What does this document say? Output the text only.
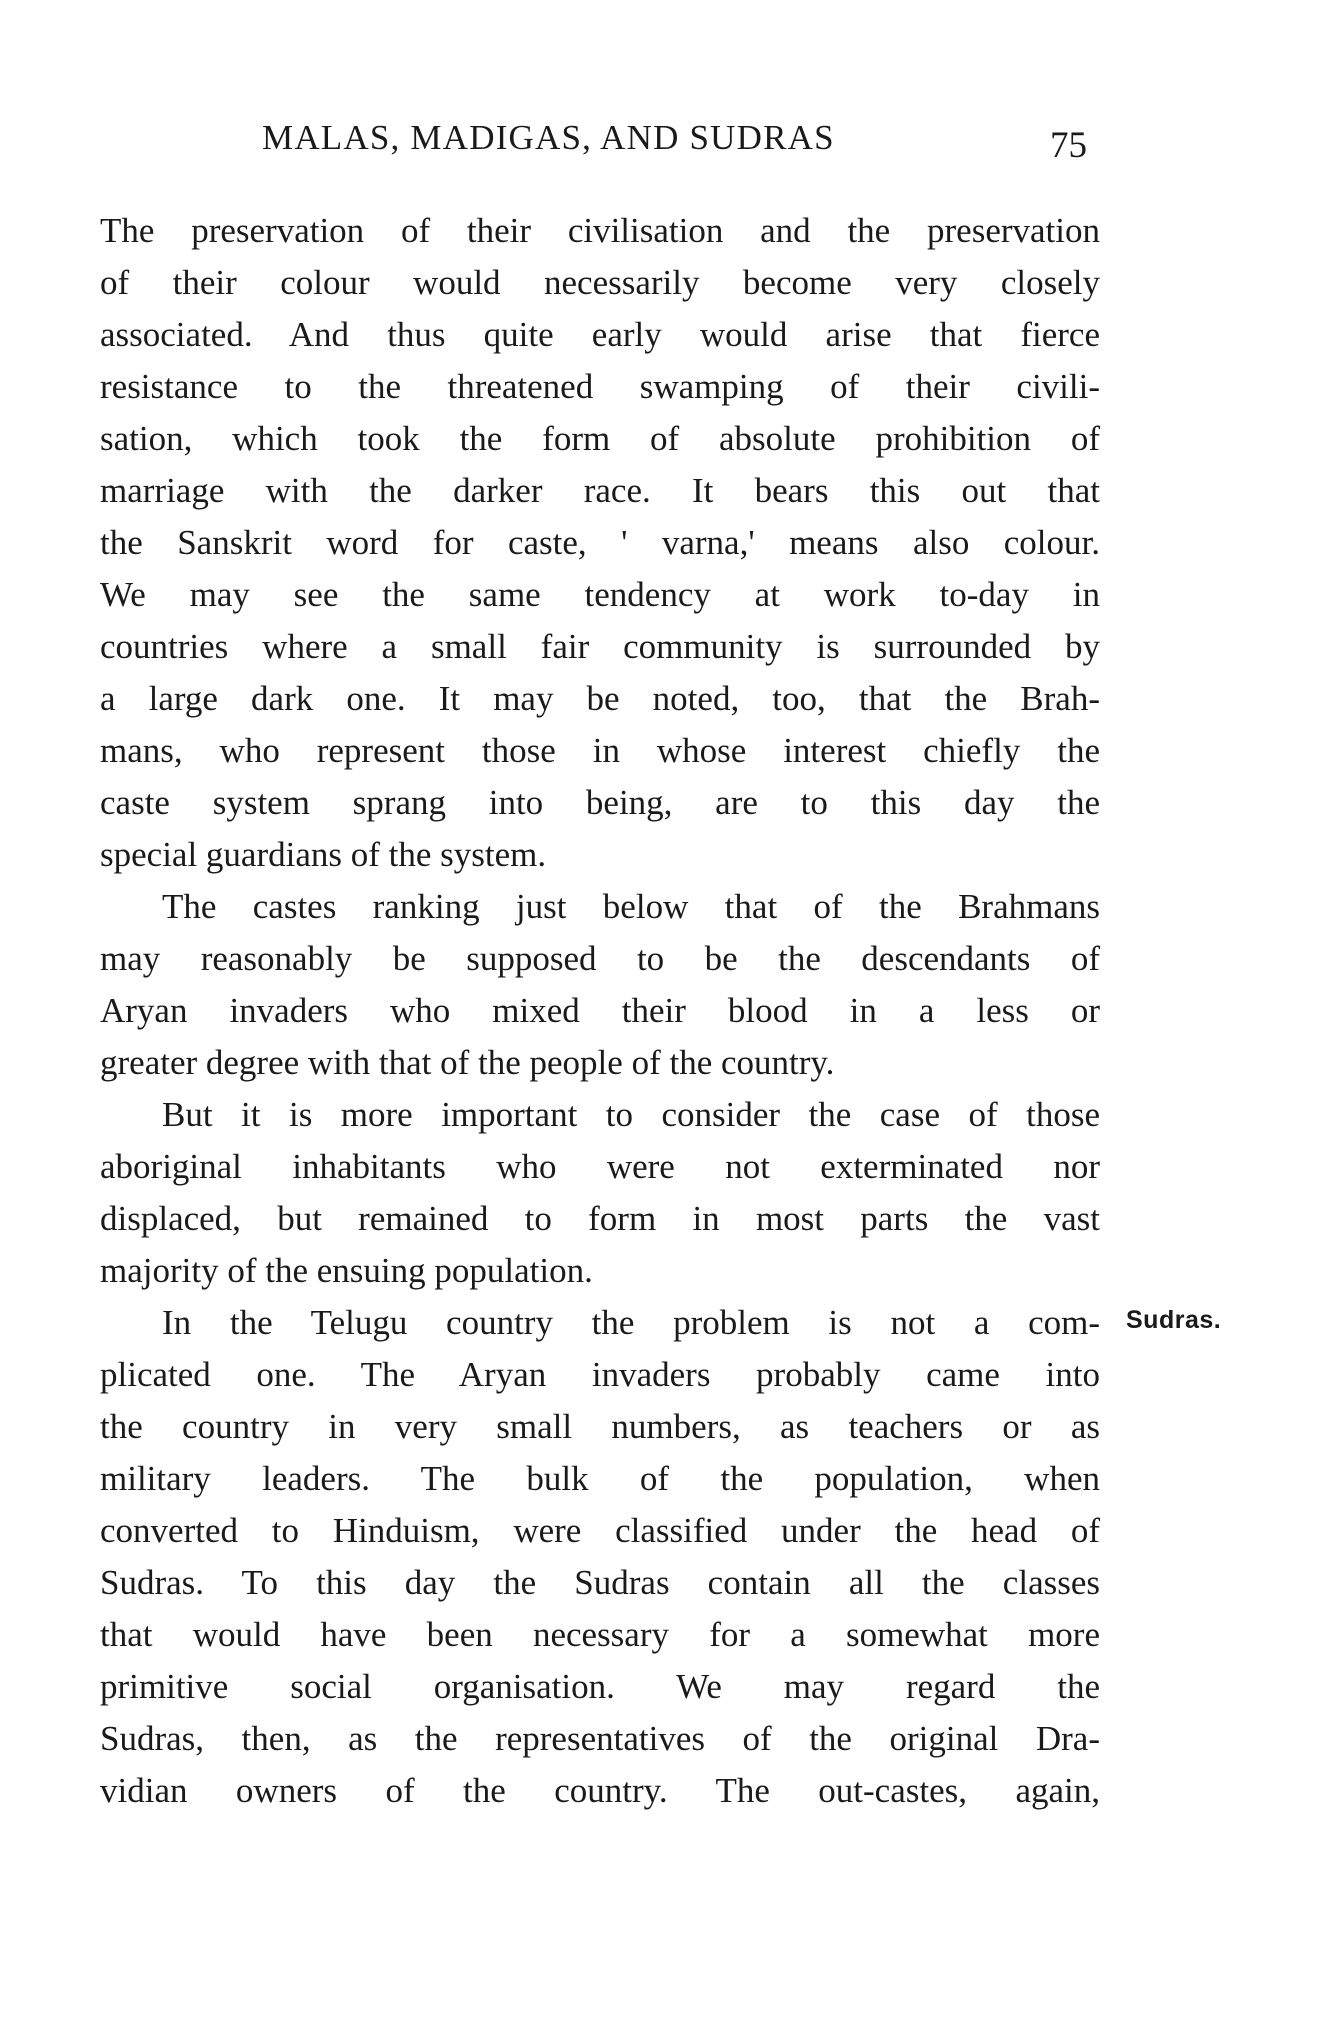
MALAS, MADIGAS, AND SUDRAS	75
The preservation of their civilisation and the preservation
of their colour would necessarily become very closely
associated. And thus quite early would arise that fierce
resistance to the threatened swamping of their civili-
sation, which took the form of absolute prohibition of
marriage with the darker race. It bears this out that
the Sanskrit word for caste, ' varna,' means also colour.
We may see the same tendency at work to-day in
countries where a small fair community is surrounded by
a large dark one. It may be noted, too, that the Brah-
mans, who represent those in whose interest chiefly the
caste system sprang into being, are to this day the
special guardians of the system.
The castes ranking just below that of the Brahmans
may reasonably be supposed to be the descendants of
Aryan invaders who mixed their blood in a less or
greater degree with that of the people of the country.
But it is more important to consider the case of those
aboriginal inhabitants who were not exterminated nor
displaced, but remained to form in most parts the vast
majority of the ensuing population.
In the Telugu country the problem is not a com-
plicated one. The Aryan invaders probably came into
the country in very small numbers, as teachers or as
military leaders. The bulk of the population, when
converted to Hinduism, were classified under the head of
Sudras. To this day the Sudras contain all the classes
that would have been necessary for a somewhat more
primitive social organisation. We may regard the
Sudras, then, as the representatives of the original Dra-
vidian owners of the country. The out-castes, again,
Sudras.
